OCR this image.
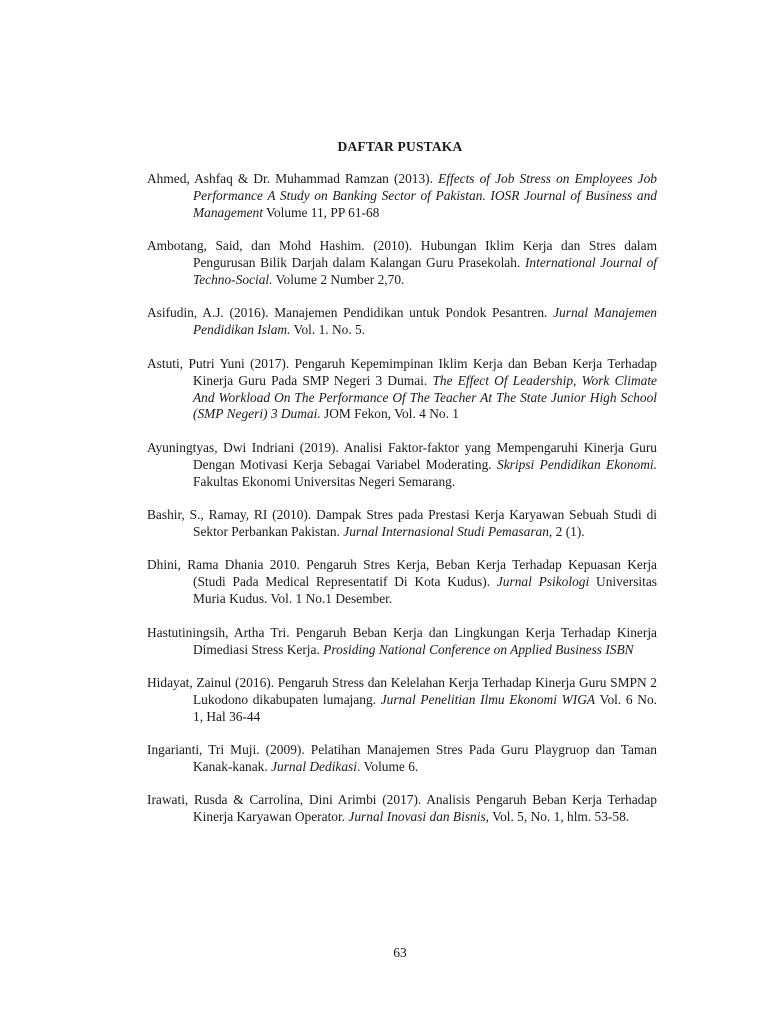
DAFTAR PUSTAKA
Ahmed, Ashfaq & Dr. Muhammad Ramzan (2013). Effects of Job Stress on Employees Job Performance A Study on Banking Sector of Pakistan. IOSR Journal of Business and Management Volume 11, PP 61-68
Ambotang, Said, dan Mohd Hashim. (2010). Hubungan Iklim Kerja dan Stres dalam Pengurusan Bilik Darjah dalam Kalangan Guru Prasekolah. International Journal of Techno-Social. Volume 2 Number 2,70.
Asifudin, A.J. (2016). Manajemen Pendidikan untuk Pondok Pesantren. Jurnal Manajemen Pendidikan Islam. Vol. 1. No. 5.
Astuti, Putri Yuni (2017). Pengaruh Kepemimpinan Iklim Kerja dan Beban Kerja Terhadap Kinerja Guru Pada SMP Negeri 3 Dumai. The Effect Of Leadership, Work Climate And Workload On The Performance Of The Teacher At The State Junior High School (SMP Negeri) 3 Dumai. JOM Fekon, Vol. 4 No. 1
Ayuningtyas, Dwi Indriani (2019). Analisi Faktor-faktor yang Mempengaruhi Kinerja Guru Dengan Motivasi Kerja Sebagai Variabel Moderating. Skripsi Pendidikan Ekonomi. Fakultas Ekonomi Universitas Negeri Semarang.
Bashir, S., Ramay, RI (2010). Dampak Stres pada Prestasi Kerja Karyawan Sebuah Studi di Sektor Perbankan Pakistan. Jurnal Internasional Studi Pemasaran, 2 (1).
Dhini, Rama Dhania 2010. Pengaruh Stres Kerja, Beban Kerja Terhadap Kepuasan Kerja (Studi Pada Medical Representatif Di Kota Kudus). Jurnal Psikologi Universitas Muria Kudus. Vol. 1 No.1 Desember.
Hastutiningsih, Artha Tri. Pengaruh Beban Kerja dan Lingkungan Kerja Terhadap Kinerja Dimediasi Stress Kerja. Prosiding National Conference on Applied Business ISBN
Hidayat, Zainul (2016). Pengaruh Stress dan Kelelahan Kerja Terhadap Kinerja Guru SMPN 2 Lukodono dikabupaten lumajang. Jurnal Penelitian Ilmu Ekonomi WIGA Vol. 6 No. 1, Hal 36-44
Ingarianti, Tri Muji. (2009). Pelatihan Manajemen Stres Pada Guru Playgruop dan Taman Kanak-kanak. Jurnal Dedikasi. Volume 6.
Irawati, Rusda & Carrolina, Dini Arimbi (2017). Analisis Pengaruh Beban Kerja Terhadap Kinerja Karyawan Operator. Jurnal Inovasi dan Bisnis, Vol. 5, No. 1, hlm. 53-58.
63
